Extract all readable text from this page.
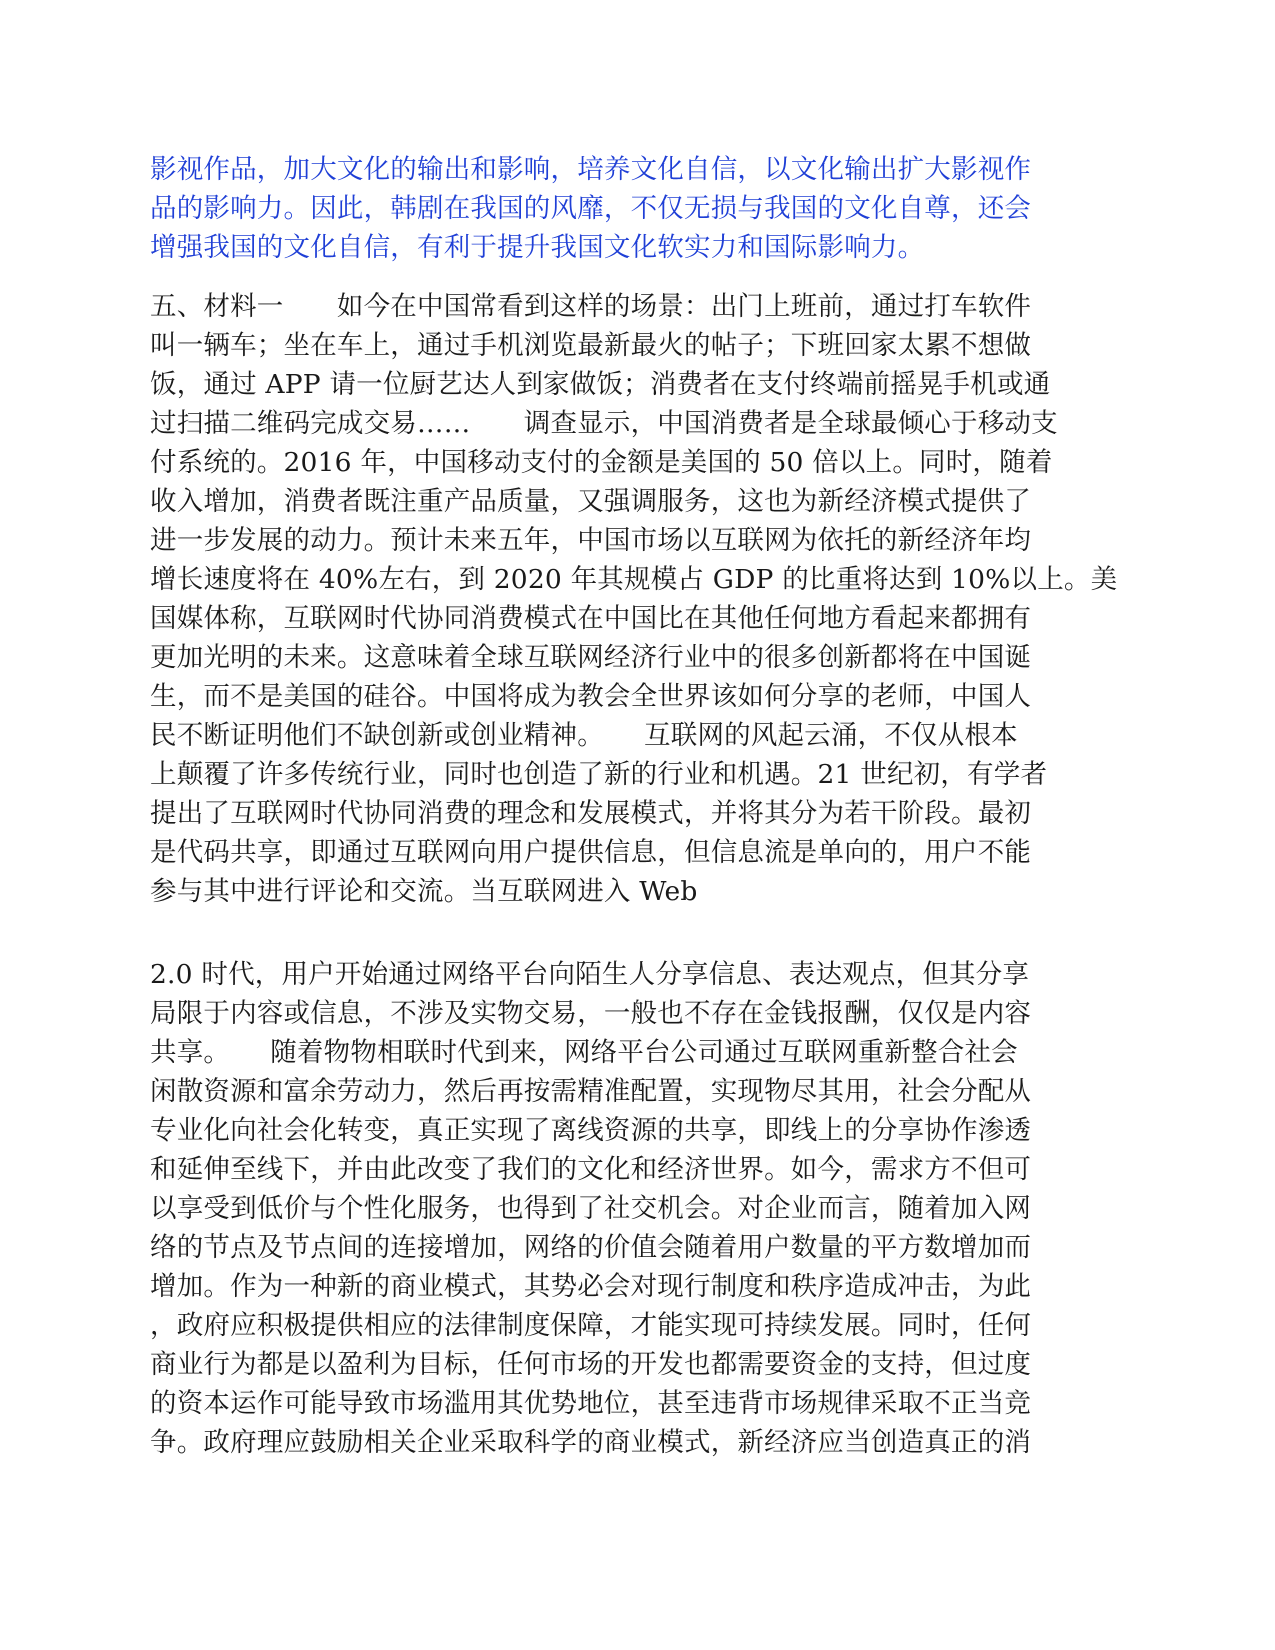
影视作品，加大文化的输出和影响，培养文化自信，以文化输出扩大影视作
品的影响力。因此，韩剧在我国的风靡，不仅无损与我国的文化自尊，还会
增强我国的文化自信，有利于提升我国文化软实力和国际影响力。
五、材料一　　如今在中国常看到这样的场景：出门上班前，通过打车软件
叫一辆车；坐在车上，通过手机浏览最新最火的帖子；下班回家太累不想做
饭，通过 APP 请一位厨艺达人到家做饭；消费者在支付终端前摇晃手机或通
过扫描二维码完成交易……　　调查显示，中国消费者是全球最倾心于移动支
付系统的。2016 年，中国移动支付的金额是美国的 50 倍以上。同时，随着
收入增加，消费者既注重产品质量，又强调服务，这也为新经济模式提供了
进一步发展的动力。预计未来五年，中国市场以互联网为依托的新经济年均
增长速度将在 40%左右，到 2020 年其规模占 GDP 的比重将达到 10%以上。美
国媒体称，互联网时代协同消费模式在中国比在其他任何地方看起来都拥有
更加光明的未来。这意味着全球互联网经济行业中的很多创新都将在中国诞
生，而不是美国的硅谷。中国将成为教会全世界该如何分享的老师，中国人
民不断证明他们不缺创新或创业精神。　　互联网的风起云涌，不仅从根本
上颠覆了许多传统行业，同时也创造了新的行业和机遇。21 世纪初，有学者
提出了互联网时代协同消费的理念和发展模式，并将其分为若干阶段。最初
是代码共享，即通过互联网向用户提供信息，但信息流是单向的，用户不能
参与其中进行评论和交流。当互联网进入 Web
2.0 时代，用户开始通过网络平台向陌生人分享信息、表达观点，但其分享
局限于内容或信息，不涉及实物交易，一般也不存在金钱报酬，仅仅是内容
共享。　　随着物物相联时代到来，网络平台公司通过互联网重新整合社会
闲散资源和富余劳动力，然后再按需精准配置，实现物尽其用，社会分配从
专业化向社会化转变，真正实现了离线资源的共享，即线上的分享协作渗透
和延伸至线下，并由此改变了我们的文化和经济世界。如今，需求方不但可
以享受到低价与个性化服务，也得到了社交机会。对企业而言，随着加入网
络的节点及节点间的连接增加，网络的价值会随着用户数量的平方数增加而
增加。作为一种新的商业模式，其势必会对现行制度和秩序造成冲击，为此
，政府应积极提供相应的法律制度保障，才能实现可持续发展。同时，任何
商业行为都是以盈利为目标，任何市场的开发也都需要资金的支持，但过度
的资本运作可能导致市场滥用其优势地位，甚至违背市场规律采取不正当竞
争。政府理应鼓励相关企业采取科学的商业模式，新经济应当创造真正的消
